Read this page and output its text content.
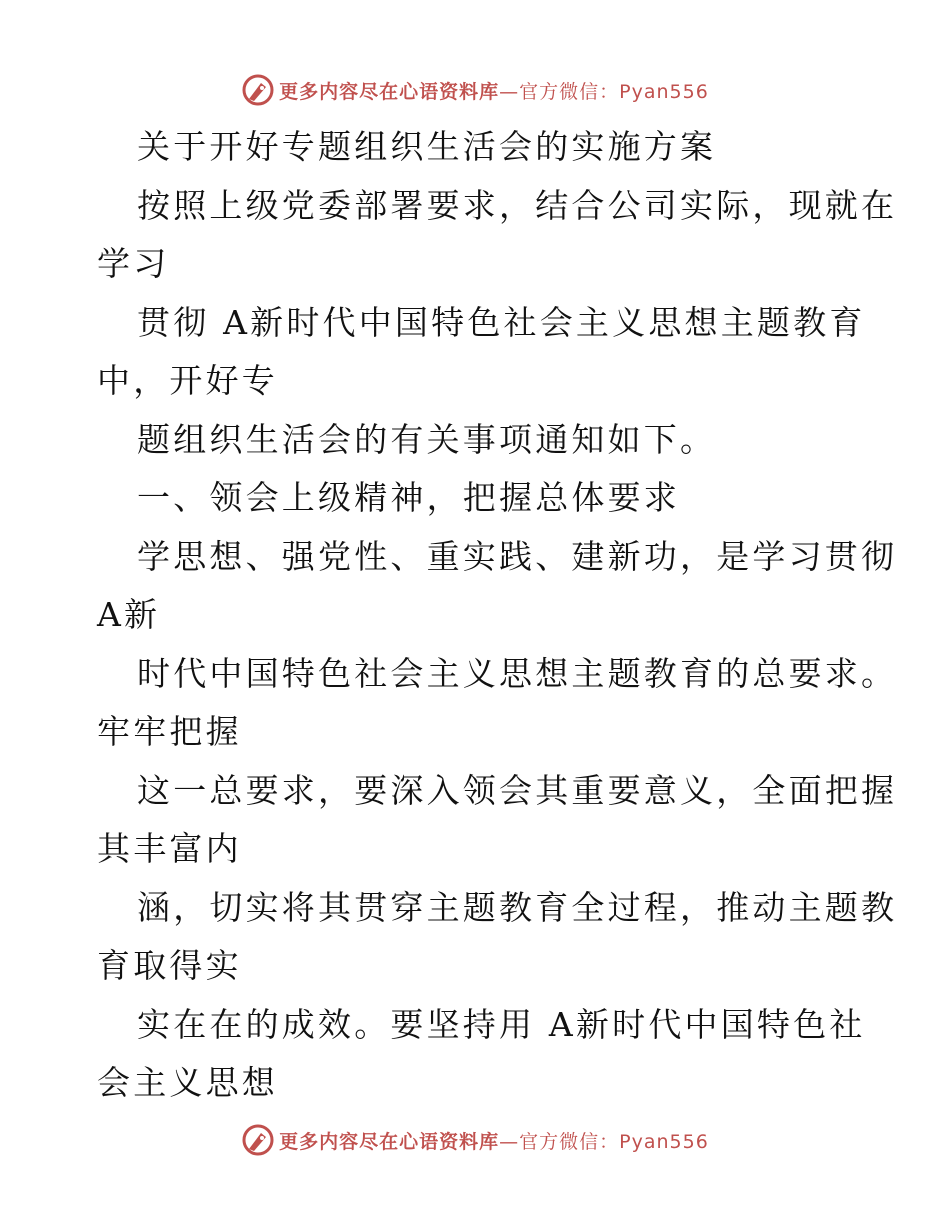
更多内容尽在心语资料库—官方微信：Pyan556

关于开好专题组织生活会的实施方案

按照上级党委部署要求，结合公司实际，现就在
学习

贯彻 A新时代中国特色社会主义思想主题教育
中，开好专

题组织生活会的有关事项通知如下。

一、领会上级精神，把握总体要求

学思想、强党性、重实践、建新功，是学习贯彻
A新

时代中国特色社会主义思想主题教育的总要求。
牢牢把握

这一总要求，要深入领会其重要意义，全面把握
其丰富内

涵，切实将其贯穿主题教育全过程，推动主题教
育取得实

实在在的成效。要坚持用 A新时代中国特色社
会主义思想

更多内容尽在心语资料库—官方微信：Pyan556
